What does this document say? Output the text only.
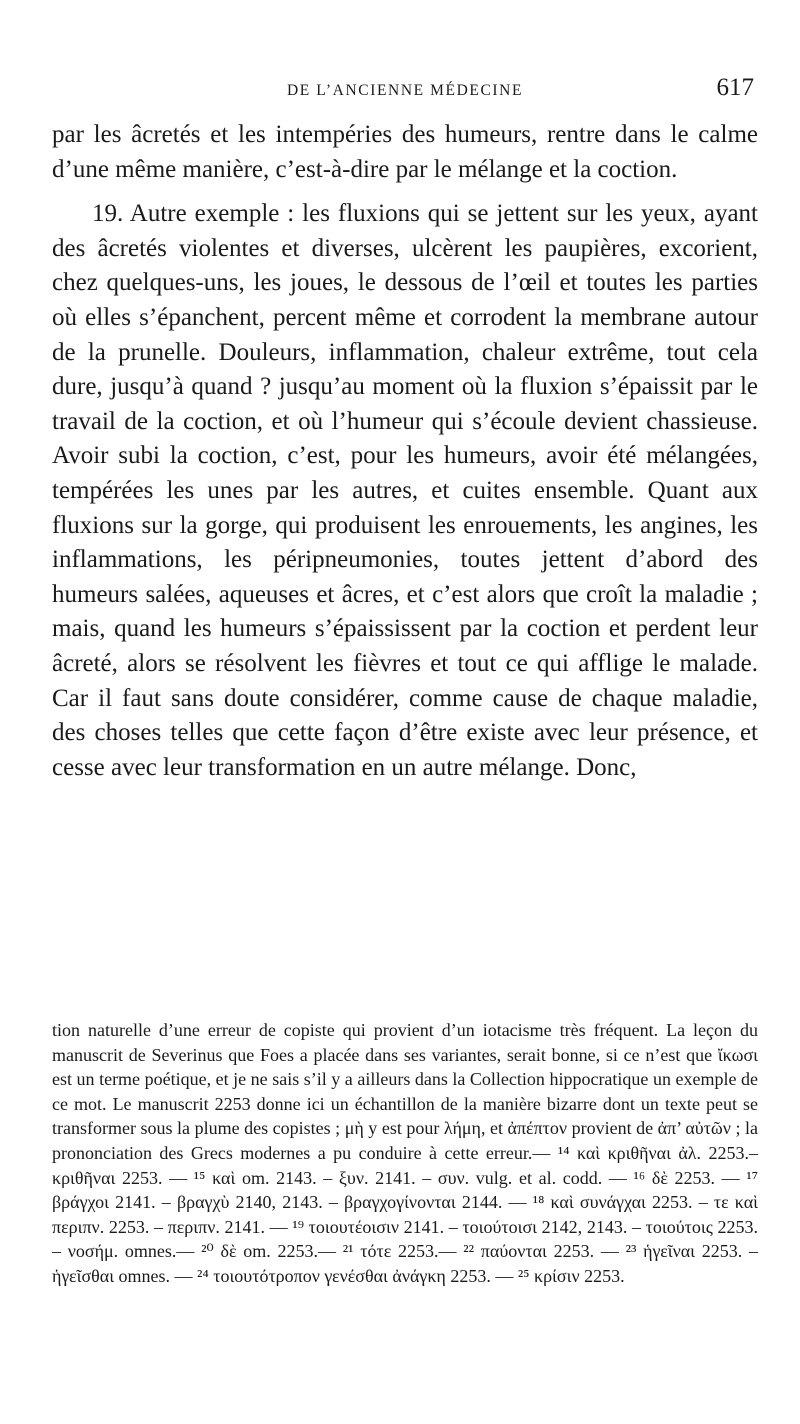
DE L’ANCIENNE MÉDECINE	617

par les âcretés et les intempéries des humeurs, rentre dans le calme d’une même manière, c’est-à-dire par le mélange et la coction.

19. Autre exemple : les fluxions qui se jettent sur les yeux, ayant des âcretés violentes et diverses, ulcèrent les paupières, excorient, chez quelques-uns, les joues, le dessous de l’œil et toutes les parties où elles s’épanchent, percent même et corrodent la membrane autour de la prunelle. Douleurs, inflammation, chaleur extrême, tout cela dure, jusqu’à quand ? jusqu’au moment où la fluxion s’épaissit par le travail de la coction, et où l’humeur qui s’écoule devient chassieuse. Avoir subi la coction, c’est, pour les humeurs, avoir été mélangées, tempérées les unes par les autres, et cuites ensemble. Quant aux fluxions sur la gorge, qui produisent les enrouements, les angines, les inflammations, les péripneumonies, toutes jettent d’abord des humeurs salées, aqueuses et âcres, et c’est alors que croît la maladie ; mais, quand les humeurs s’épaississent par la coction et perdent leur âcreté, alors se résolvent les fièvres et tout ce qui afflige le malade. Car il faut sans doute considérer, comme cause de chaque maladie, des choses telles que cette façon d’être existe avec leur présence, et cesse avec leur transformation en un autre mélange. Donc,

tion naturelle d’une erreur de copiste qui provient d’un iotacisme très fréquent. La leçon du manuscrit de Severinus que Foes a placée dans ses variantes, serait bonne, si ce n’est que ἴκωσι est un terme poétique, et je ne sais s’il y a ailleurs dans la Collection hippocratique un exemple de ce mot. Le manuscrit 2253 donne ici un échantillon de la manière bizarre dont un texte peut se transformer sous la plume des copistes ; μὴ y est pour λήμη, et ἀπέπτον provient de ἀπ’ αὐτῶν ; la prononciation des Grecs modernes a pu conduire à cette erreur.— ¹⁴ καὶ κριθῆναι ἀλ. 2253.– κριθῆναι 2253. — ¹⁵ καὶ om. 2143. – ξυν. 2141. – συν. vulg. et al. codd. — ¹⁶ δὲ 2253. — ¹⁷ βράγχοι 2141. – βραγχὺ 2140, 2143. – βραγχογίνονται 2144. — ¹⁸ καὶ συνάγχαι 2253. – τε καὶ περιπν. 2253. – περιπν. 2141. — ¹⁹ τοιουτέοισιν 2141. – τοιούτοισι 2142, 2143. – τοιούτοις 2253. – νοσήμ. omnes.— ²⁰ δὲ om. 2253.— ²¹ τότε 2253.— ²² παύονται 2253. — ²³ ἡγεῖναι 2253. – ἡγεῖσθαι omnes. — ²⁴ τοιουτότροπον γενέσθαι ἀνάγκη 2253. — ²⁵ κρίσιν 2253.
